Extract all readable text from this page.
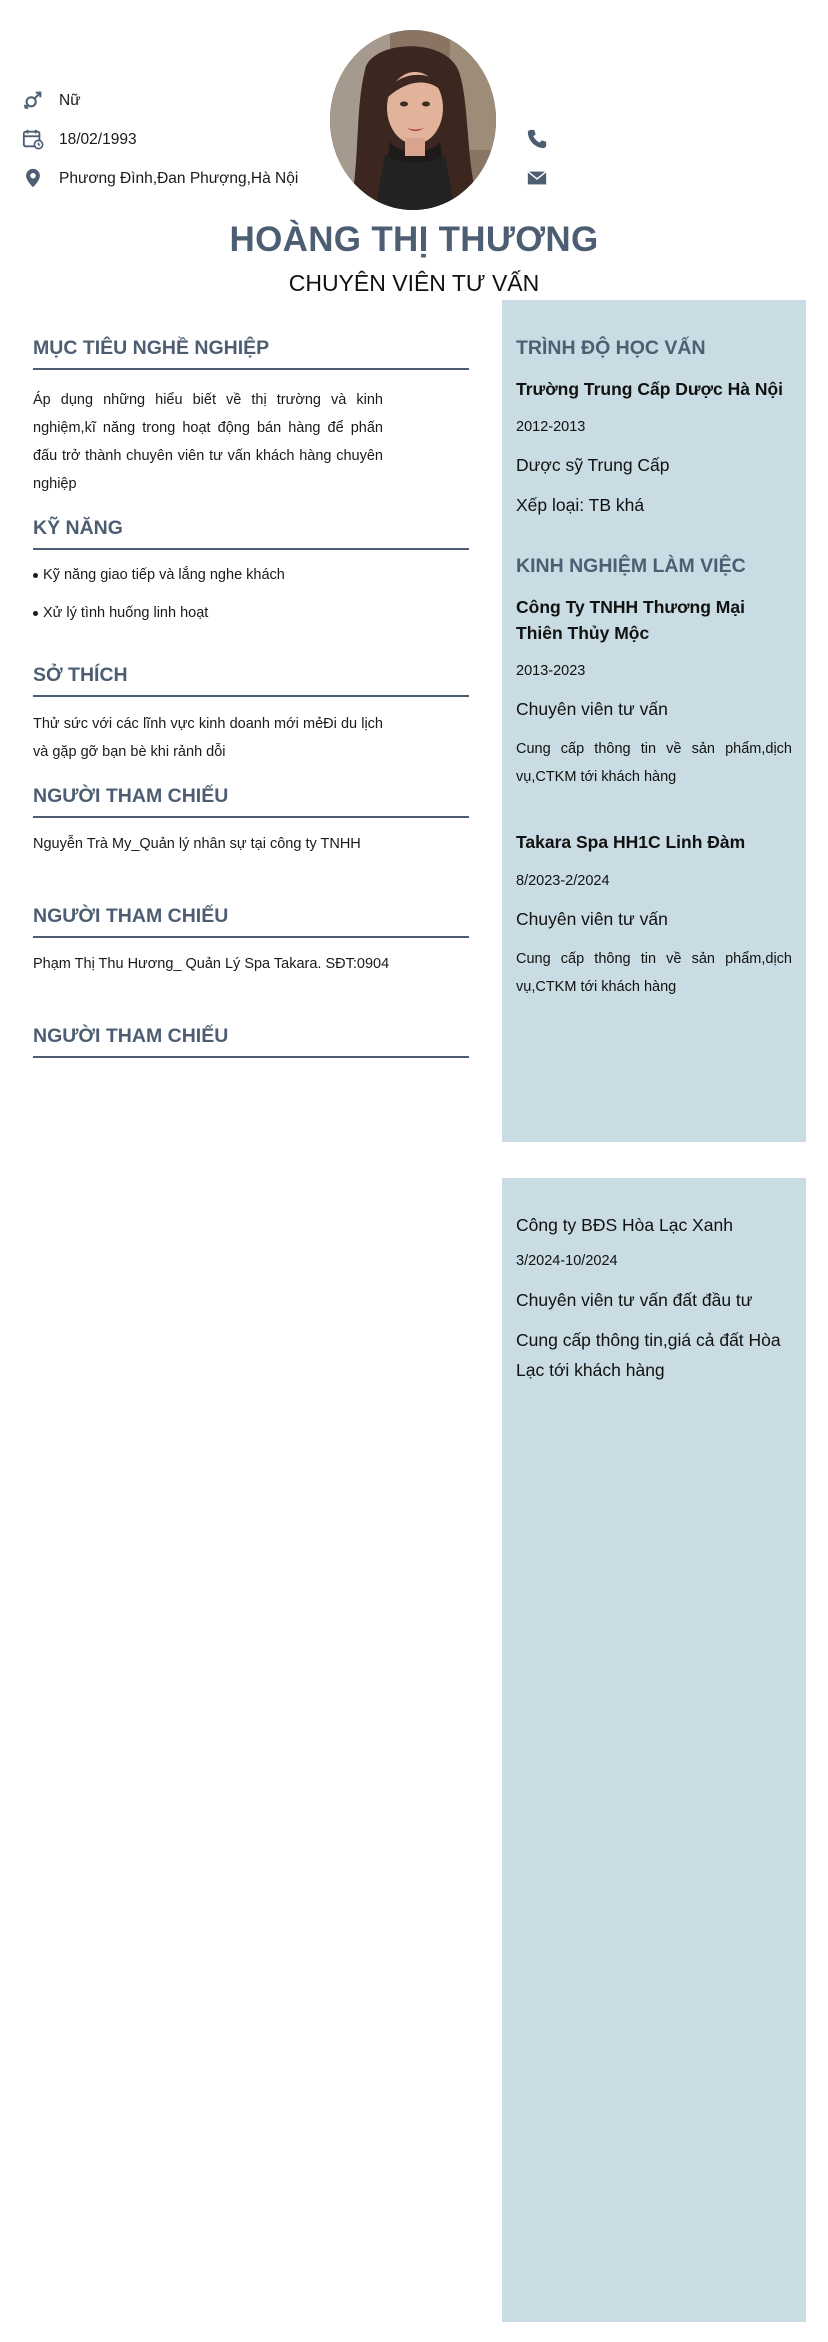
Nữ
18/02/1993
Phương Đình,Đan Phượng,Hà Nội
HOÀNG THỊ THƯƠNG
CHUYÊN VIÊN TƯ VẤN
MỤC TIÊU NGHỀ NGHIỆP
Áp dụng những hiểu biết về thị trường và kinh nghiệm,kĩ năng trong hoạt động bán hàng để phấn đấu trở thành chuyên viên tư vấn khách hàng chuyên nghiệp
KỸ NĂNG
Kỹ năng giao tiếp và lắng nghe khách
Xử lý tình huống linh hoạt
SỞ THÍCH
Thử sức với các lĩnh vực kinh doanh mới mẻĐi du lịch và gặp gỡ bạn bè khi rảnh dỗi
NGƯỜI THAM CHIẾU
Nguyễn Trà My_Quản lý nhân sự tại công ty TNHH
NGƯỜI THAM CHIẾU
Phạm Thị Thu Hương_ Quản Lý Spa Takara. SĐT:0904
NGƯỜI THAM CHIẾU
TRÌNH ĐỘ HỌC VẤN
Trường Trung Cấp Dược Hà Nội
2012-2013
Dược sỹ Trung Cấp
Xếp loại: TB khá
KINH NGHIỆM LÀM VIỆC
Công Ty TNHH Thương Mại Thiên Thủy Mộc
2013-2023
Chuyên viên tư vấn
Cung cấp thông tin về sản phẩm,dịch vụ,CTKM tới khách hàng
Takara Spa HH1C Linh Đàm
8/2023-2/2024
Chuyên viên tư vấn
Cung cấp thông tin về sản phẩm,dịch vụ,CTKM tới khách hàng
Công ty BĐS Hòa Lạc Xanh
3/2024-10/2024
Chuyên viên tư vấn đất đầu tư
Cung cấp thông tin,giá cả đất Hòa Lạc tới khách hàng
